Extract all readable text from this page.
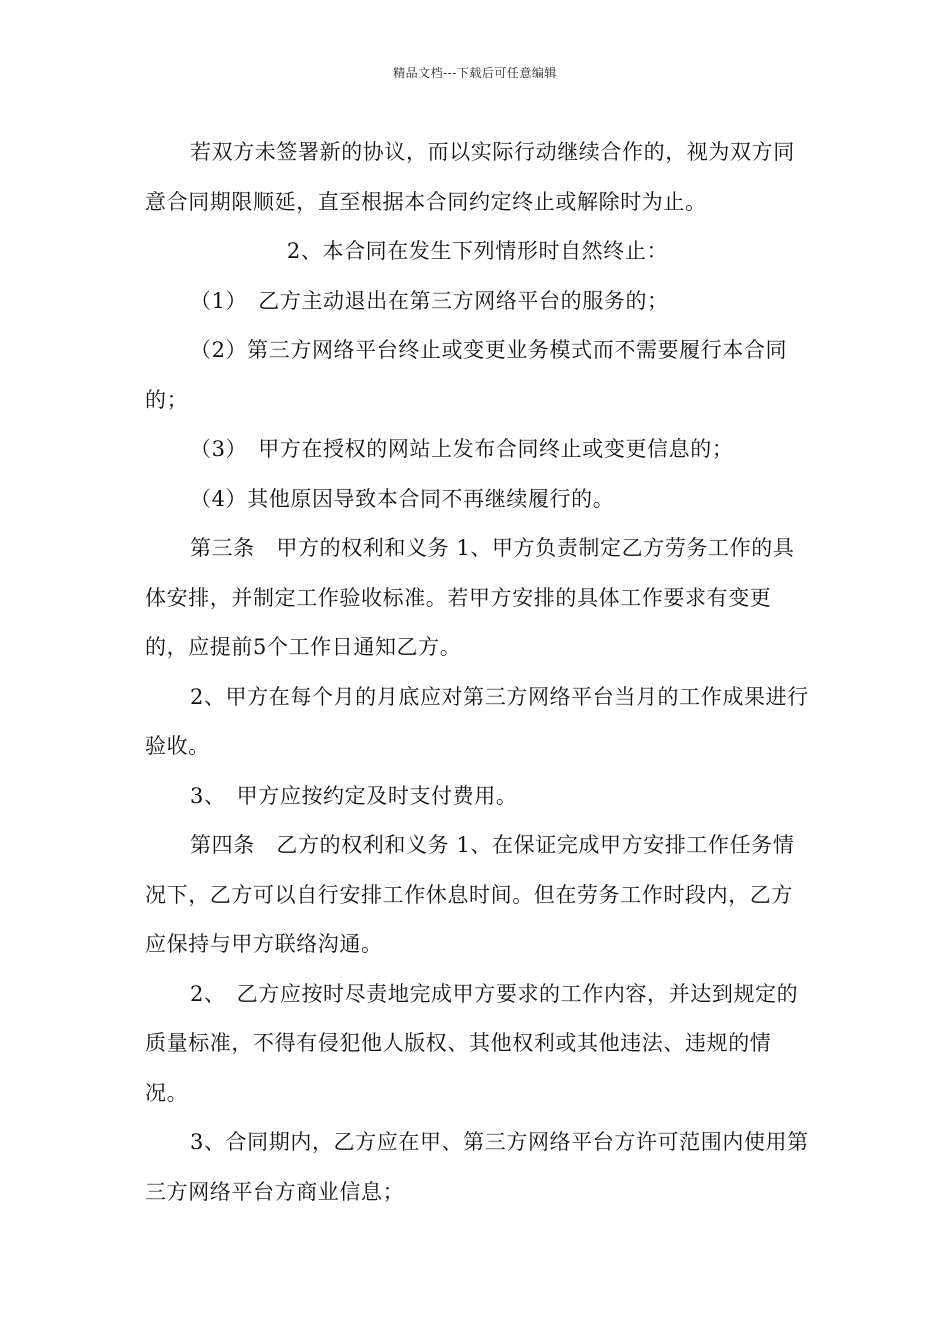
精品文档---下载后可任意编辑

若双方未签署新的协议，而以实际行动继续合作的，视为双方同意合同期限顺延，直至根据本合同约定终止或解除时为止。

2、本合同在发生下列情形时自然终止：

（1）　乙方主动退出在第三方网络平台的服务的；

（2）第三方网络平台终止或变更业务模式而不需要履行本合同的；

（3）　甲方在授权的网站上发布合同终止或变更信息的；

（4）其他原因导致本合同不再继续履行的。

第三条　甲方的权利和义务 1、甲方负责制定乙方劳务工作的具体安排，并制定工作验收标准。若甲方安排的具体工作要求有变更的，应提前5个工作日通知乙方。

2、甲方在每个月的月底应对第三方网络平台当月的工作成果进行验收。

3、　甲方应按约定及时支付费用。

第四条　乙方的权利和义务 1、在保证完成甲方安排工作任务情况下，乙方可以自行安排工作休息时间。但在劳务工作时段内，乙方应保持与甲方联络沟通。

2、　乙方应按时尽责地完成甲方要求的工作内容，并达到规定的质量标准，不得有侵犯他人版权、其他权利或其他违法、违规的情况。

3、合同期内，乙方应在甲、第三方网络平台方许可范围内使用第三方网络平台方商业信息；
